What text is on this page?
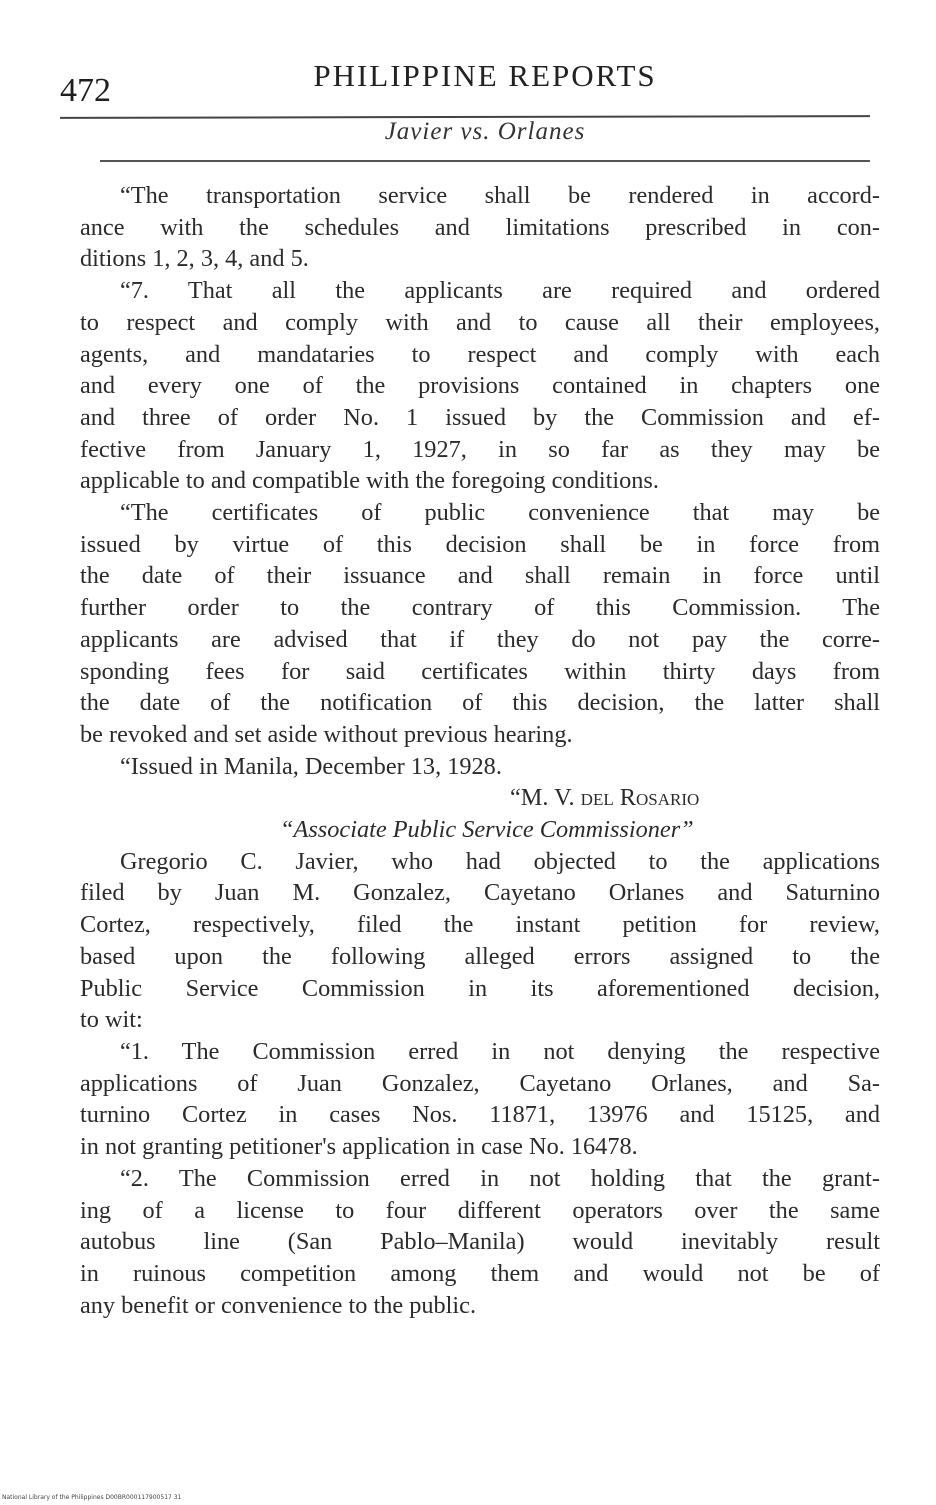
472	PHILIPPINE REPORTS
Javier vs. Orlanes
“The transportation service shall be rendered in accord-
ance with the schedules and limitations prescribed in con-
ditions 1, 2, 3, 4, and 5.
“7. That all the applicants are required and ordered
to respect and comply with and to cause all their employees,
agents, and mandataries to respect and comply with each
and every one of the provisions contained in chapters one
and three of order No. 1 issued by the Commission and ef-
fective from January 1, 1927, in so far as they may be
applicable to and compatible with the foregoing conditions.
“The certificates of public convenience that may be
issued by virtue of this decision shall be in force from
the date of their issuance and shall remain in force until
further order to the contrary of this Commission. The
applicants are advised that if they do not pay the corre-
sponding fees for said certificates within thirty days from
the date of the notification of this decision, the latter shall
be revoked and set aside without previous hearing.
“Issued in Manila, December 13, 1928.
“M. V. del Rosario
“Associate Public Service Commissioner”
Gregorio C. Javier, who had objected to the applications
filed by Juan M. Gonzalez, Cayetano Orlanes and Saturnino
Cortez, respectively, filed the instant petition for review,
based upon the following alleged errors assigned to the
Public Service Commission in its aforementioned decision,
to wit:
“1. The Commission erred in not denying the respective
applications of Juan Gonzalez, Cayetano Orlanes, and Sa-
turnino Cortez in cases Nos. 11871, 13976 and 15125, and
in not granting petitioner's application in case No. 16478.
“2. The Commission erred in not holding that the grant-
ing of a license to four different operators over the same
autobus line (San Pablo–Manila) would inevitably result
in ruinous competition among them and would not be of
any benefit or convenience to the public.
National Library of the Philippines D00BR000117900517 31
